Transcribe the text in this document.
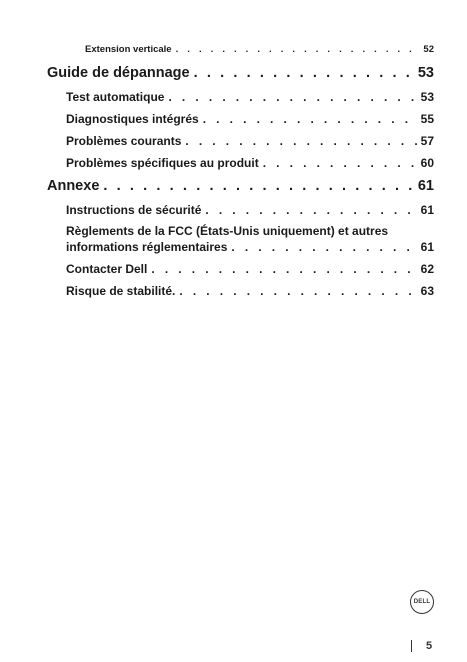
Extension verticale . . .	52
Guide de dépannage . . .	53
Test automatique . . .	53
Diagnostiques intégrés . . .	55
Problèmes courants . . .	57
Problèmes spécifiques au produit . . .	60
Annexe . . .	61
Instructions de sécurité . . .	61
Règlements de la FCC (États-Unis uniquement) et autres
informations réglementaires . . .	61
Contacter Dell . . .	62
Risque de stabilité. . . .	63
DELL
5
